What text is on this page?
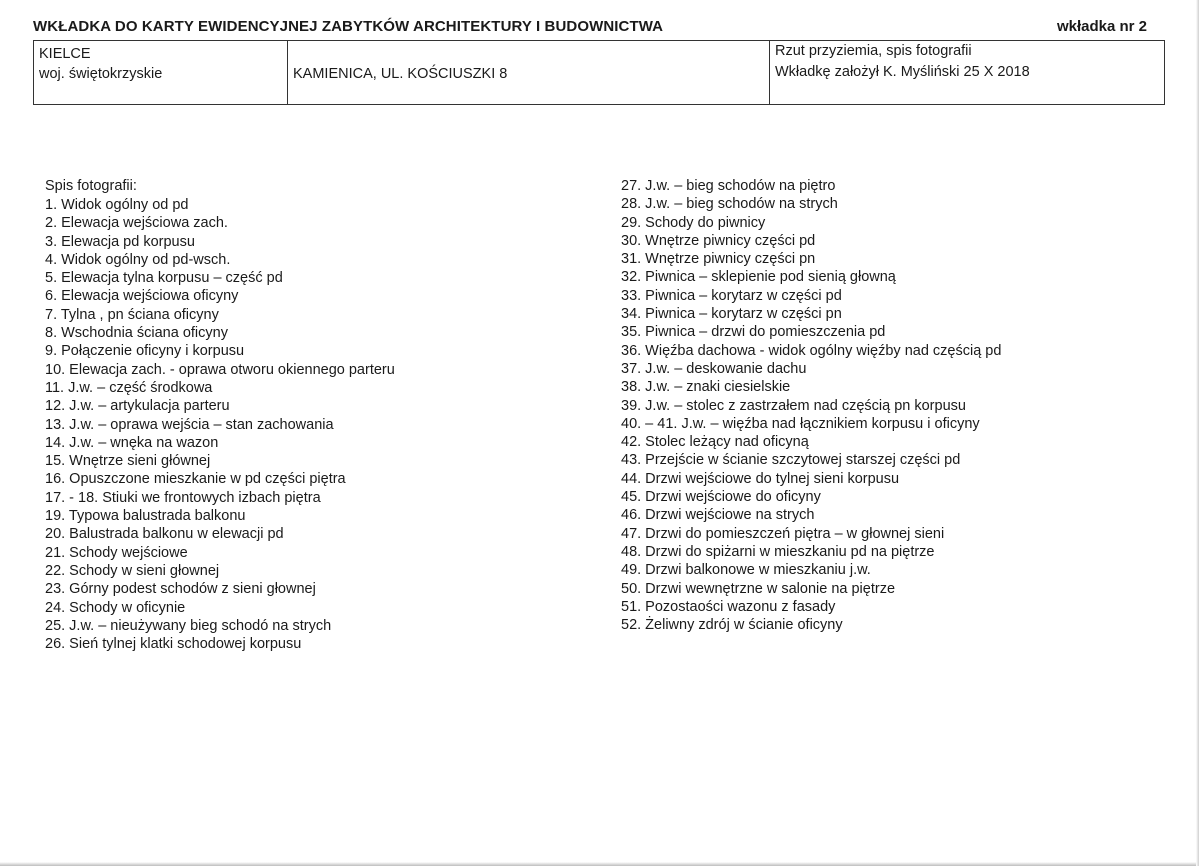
WKŁADKA DO KARTY EWIDENCYJNEJ ZABYTKÓW ARCHITEKTURY I BUDOWNICTWA	wkładka nr 2
KIELCE
woj. świętokrzyskie	KAMIENICA, UL. KOŚCIUSZKI 8
Rzut przyziemia, spis fotografii
Wkładkę założył K. Myśliński 25 X 2018
Spis fotografii:
1. Widok ogólny od pd
2. Elewacja wejściowa zach.
3. Elewacja pd korpusu
4. Widok ogólny od pd-wsch.
5. Elewacja tylna korpusu – część pd
6. Elewacja wejściowa oficyny
7. Tylna , pn ściana oficyny
8. Wschodnia ściana oficyny
9. Połączenie oficyny i korpusu
10. Elewacja zach. - oprawa otworu okiennego parteru
11. J.w. – część środkowa
12. J.w. – artykulacja parteru
13. J.w. – oprawa wejścia – stan zachowania
14. J.w. – wnęka na wazon
15. Wnętrze sieni głównej
16. Opuszczone mieszkanie w pd części piętra
17. - 18. Stiuki we frontowych izbach piętra
19. Typowa balustrada balkonu
20. Balustrada balkonu w elewacji pd
21. Schody wejściowe
22. Schody w sieni głownej
23. Górny podest schodów z sieni głownej
24. Schody w oficynie
25. J.w. – nieużywany bieg schodó na strych
26. Sień tylnej klatki schodowej korpusu
27. J.w. – bieg schodów na piętro
28. J.w. – bieg schodów na strych
29. Schody do piwnicy
30. Wnętrze piwnicy części pd
31. Wnętrze piwnicy części pn
32. Piwnica – sklepienie pod sienią głowną
33. Piwnica – korytarz w części pd
34. Piwnica – korytarz w części pn
35. Piwnica – drzwi do pomieszczenia pd
36. Więźba dachowa - widok ogólny więźby nad częścią pd
37. J.w. – deskowanie dachu
38. J.w. – znaki ciesielskie
39. J.w. – stolec z zastrzałem nad częścią pn korpusu
40. – 41. J.w. – więźba nad łącznikiem korpusu i oficyny
42. Stolec leżący nad oficyną
43. Przejście w ścianie szczytowej starszej części pd
44. Drzwi wejściowe do tylnej sieni korpusu
45. Drzwi wejściowe do oficyny
46. Drzwi wejściowe na strych
47. Drzwi do pomieszczeń piętra – w głownej sieni
48. Drzwi do spiżarni w mieszkaniu pd na piętrze
49. Drzwi balkonowe w mieszkaniu j.w.
50. Drzwi wewnętrzne w salonie na piętrze
51. Pozostaości wazonu z fasady
52. Żeliwny zdrój w ścianie oficyny
